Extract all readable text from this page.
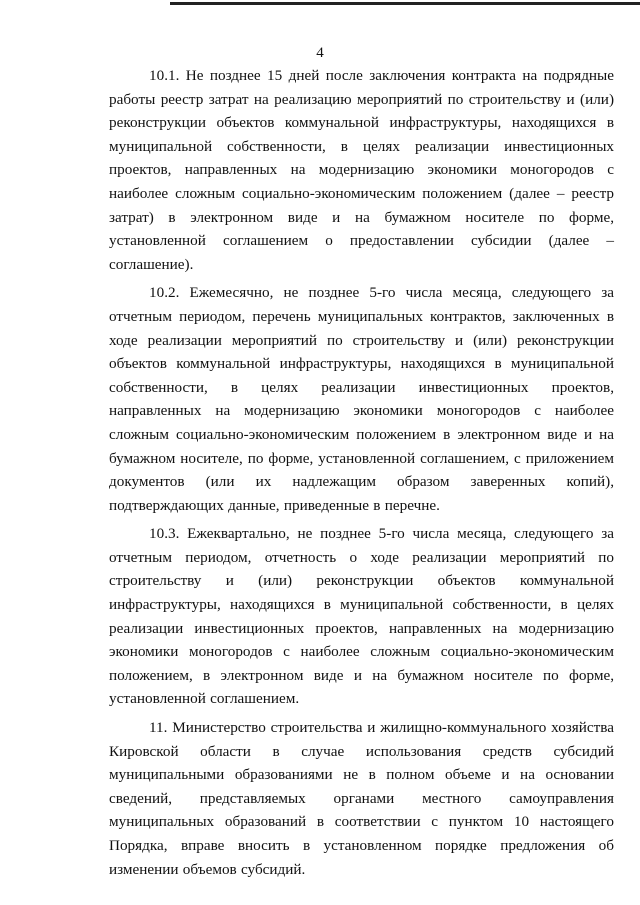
4

10.1. Не позднее 15 дней после заключения контракта на подрядные работы реестр затрат на реализацию мероприятий по строительству и (или) реконструкции объектов коммунальной инфраструктуры, находящихся в муниципальной собственности, в целях реализации инвестиционных проектов, направленных на модернизацию экономики моногородов с наиболее сложным социально-экономическим положением (далее – реестр затрат) в электронном виде и на бумажном носителе по форме, установленной соглашением о предоставлении субсидии (далее – соглашение).

10.2. Ежемесячно, не позднее 5-го числа месяца, следующего за отчетным периодом, перечень муниципальных контрактов, заключенных в ходе реализации мероприятий по строительству и (или) реконструкции объектов коммунальной инфраструктуры, находящихся в муниципальной собственности, в целях реализации инвестиционных проектов, направленных на модернизацию экономики моногородов с наиболее сложным социально-экономическим положением в электронном виде и на бумажном носителе, по форме, установленной соглашением, с приложением документов (или их надлежащим образом заверенных копий), подтверждающих данные, приведенные в перечне.

10.3. Ежеквартально, не позднее 5-го числа месяца, следующего за отчетным периодом, отчетность о ходе реализации мероприятий по строительству и (или) реконструкции объектов коммунальной инфраструктуры, находящихся в муниципальной собственности, в целях реализации инвестиционных проектов, направленных на модернизацию экономики моногородов с наиболее сложным социально-экономическим положением, в электронном виде и на бумажном носителе по форме, установленной соглашением.

11. Министерство строительства и жилищно-коммунального хозяйства Кировской области в случае использования средств субсидий муниципальными образованиями не в полном объеме и на основании сведений, представляемых органами местного самоуправления муниципальных образований в соответствии с пунктом 10 настоящего Порядка, вправе вносить в установленном порядке предложения об изменении объемов субсидий.
